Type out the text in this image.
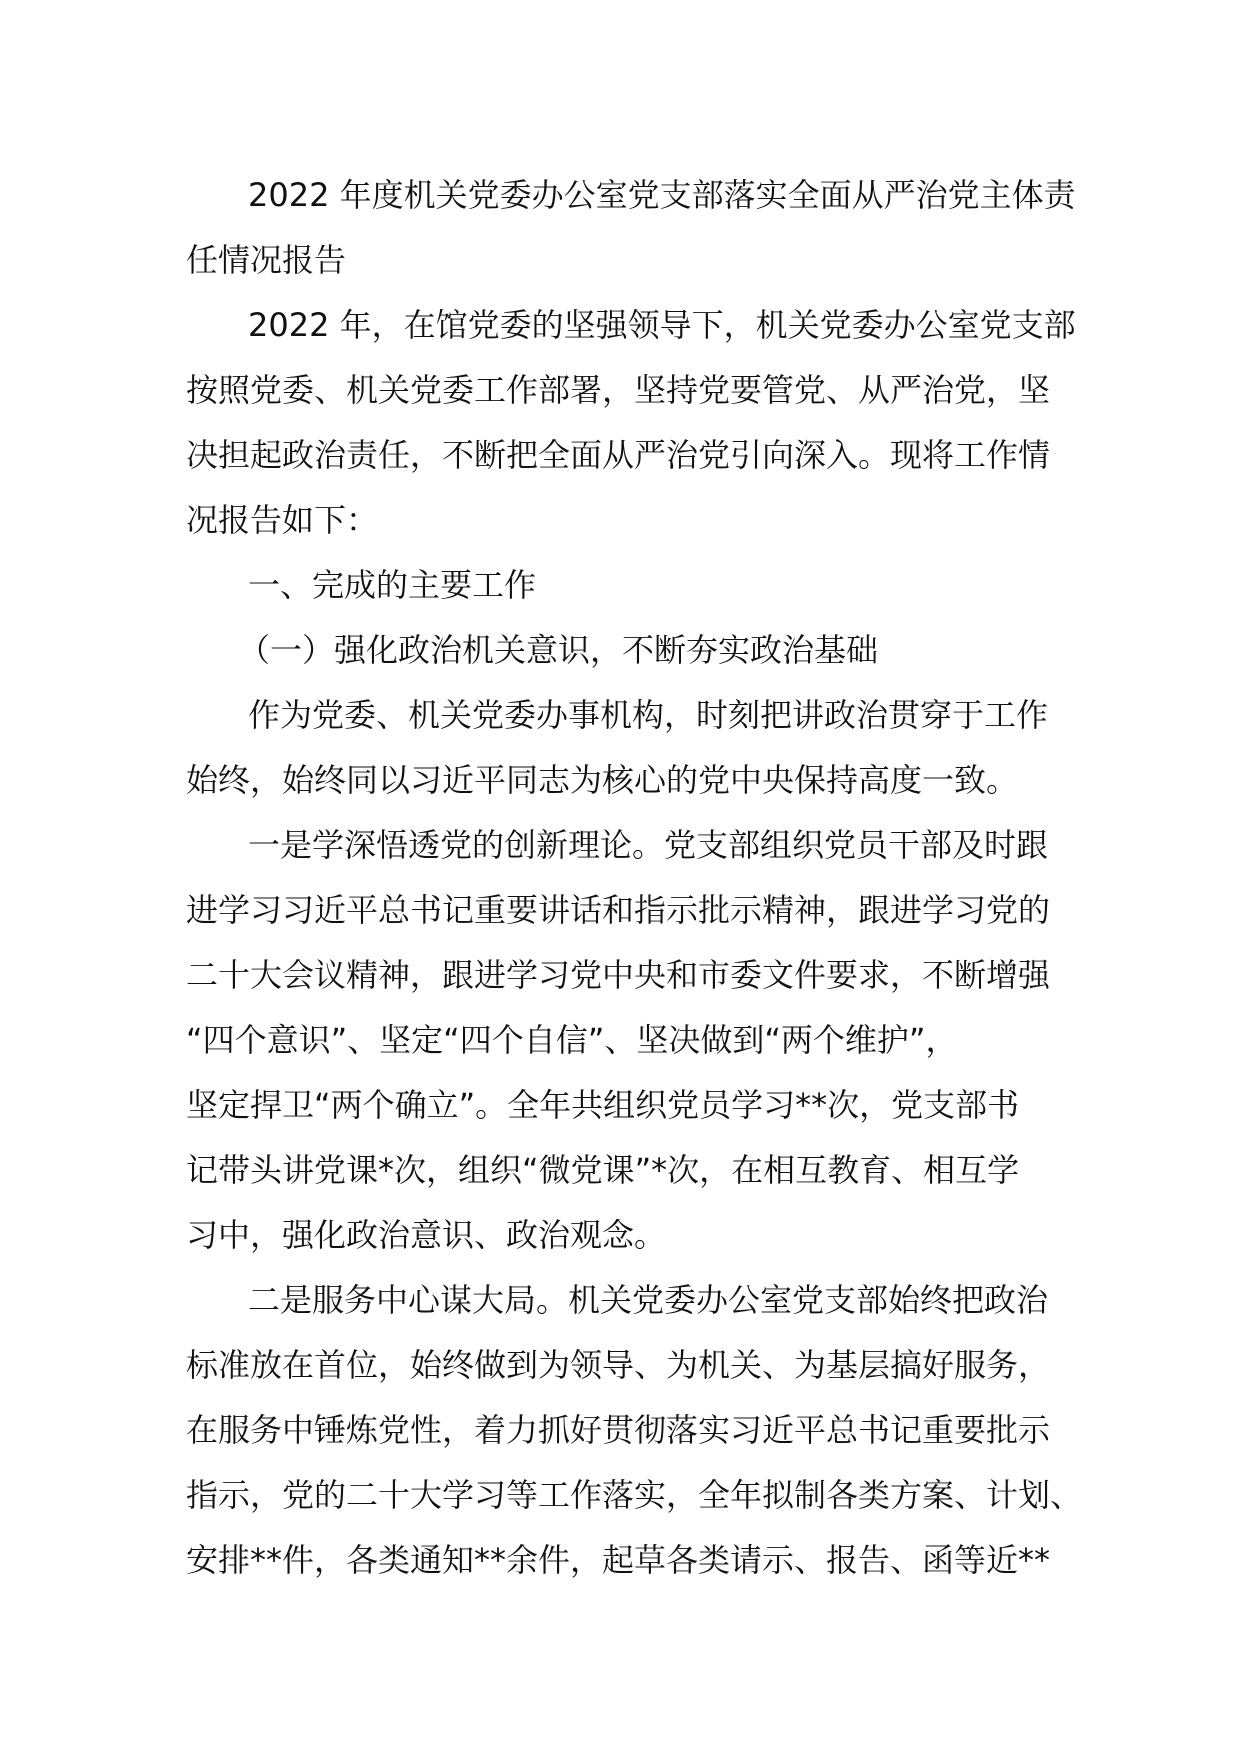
2022 年度机关党委办公室党支部落实全面从严治党主体责
任情况报告
2022 年，在馆党委的坚强领导下，机关党委办公室党支部
按照党委、机关党委工作部署，坚持党要管党、从严治党，坚
决担起政治责任，不断把全面从严治党引向深入。现将工作情
况报告如下：
一、完成的主要工作
（一）强化政治机关意识，不断夯实政治基础
作为党委、机关党委办事机构，时刻把讲政治贯穿于工作
始终，始终同以习近平同志为核心的党中央保持高度一致。
一是学深悟透党的创新理论。党支部组织党员干部及时跟
进学习习近平总书记重要讲话和指示批示精神，跟进学习党的
二十大会议精神，跟进学习党中央和市委文件要求，不断增强
“四个意识”、坚定“四个自信”、坚决做到“两个维护”，
坚定捍卫“两个确立”。全年共组织党员学习**次，党支部书
记带头讲党课*次，组织“微党课”*次，在相互教育、相互学
习中，强化政治意识、政治观念。
二是服务中心谋大局。机关党委办公室党支部始终把政治
标准放在首位，始终做到为领导、为机关、为基层搞好服务，
在服务中锤炼党性，着力抓好贯彻落实习近平总书记重要批示
指示，党的二十大学习等工作落实，全年拟制各类方案、计划、
安排**件，各类通知**余件，起草各类请示、报告、函等近**
